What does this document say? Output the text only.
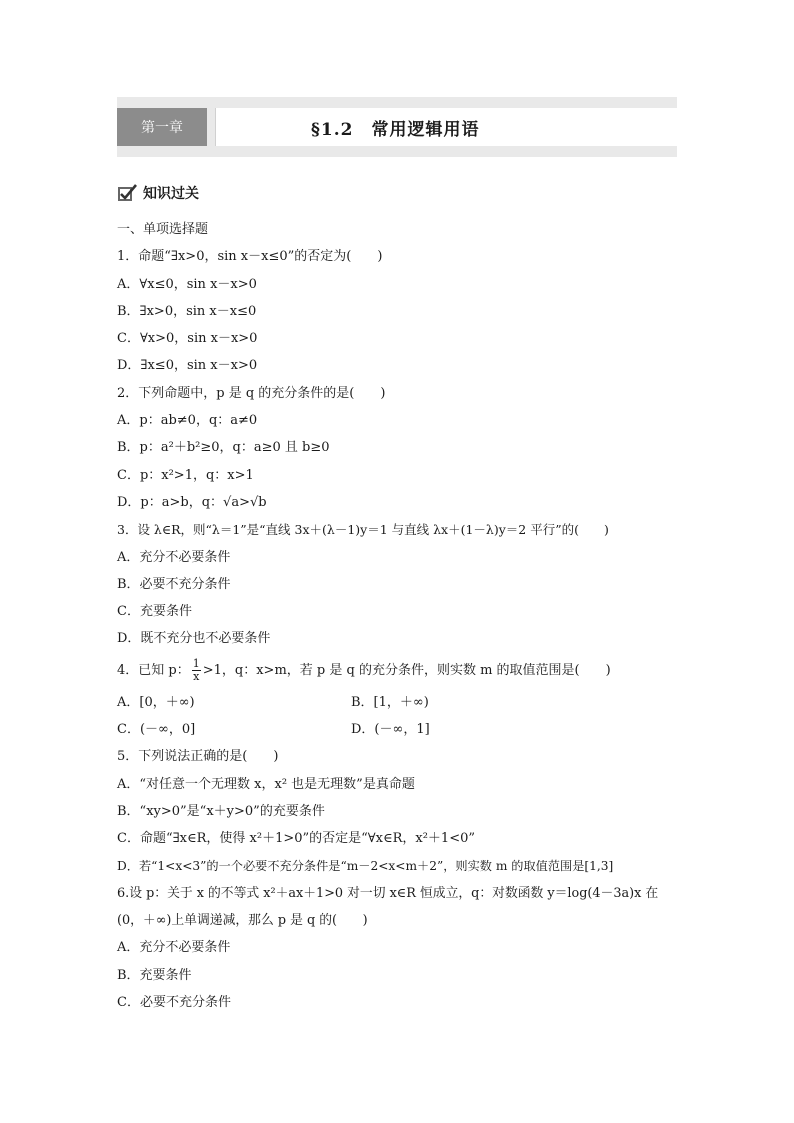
第一章	§1.2　常用逻辑用语
知识过关
一、单项选择题
1．命题“∃x>0，sin x－x≤0”的否定为(　　)
A．∀x≤0，sin x－x>0
B．∃x>0，sin x－x≤0
C．∀x>0，sin x－x>0
D．∃x≤0，sin x－x>0
2．下列命题中，p 是 q 的充分条件的是(　　)
A．p：ab≠0，q：a≠0
B．p：a²＋b²≥0，q：a≥0 且 b≥0
C．p：x²>1，q：x>1
D．p：a>b，q：√a>√b
3．设 λ∈R，则“λ＝1”是“直线 3x＋(λ－1)y＝1 与直线 λx＋(1－λ)y＝2 平行”的(　　)
A．充分不必要条件
B．必要不充分条件
C．充要条件
D．既不充分也不必要条件
4．已知 p： $\frac{1}{x} >1$，q：x>m，若 p 是 q 的充分条件，则实数 m 的取值范围是(　　)
A．[0，＋∞)	B．[1，＋∞)
C．(－∞，0]	D．(－∞，1]
5．下列说法正确的是(　　)
A．“对任意一个无理数 x，x² 也是无理数”是真命题
B．“xy>0”是“x＋y>0”的充要条件
C．命题“∃x∈R，使得 x²＋1>0”的否定是“∀x∈R，x²＋1<0”
D．若“1<x<3”的一个必要不充分条件是“m－2<x<m＋2”，则实数 m 的取值范围是[1,3]
6.设 p：关于 x 的不等式 x²＋ax＋1>0 对一切 x∈R 恒成立，q：对数函数 y＝log(4－3a)x 在(0，＋∞)上单调递减，那么 p 是 q 的(　　)
A．充分不必要条件
B．充要条件
C．必要不充分条件
